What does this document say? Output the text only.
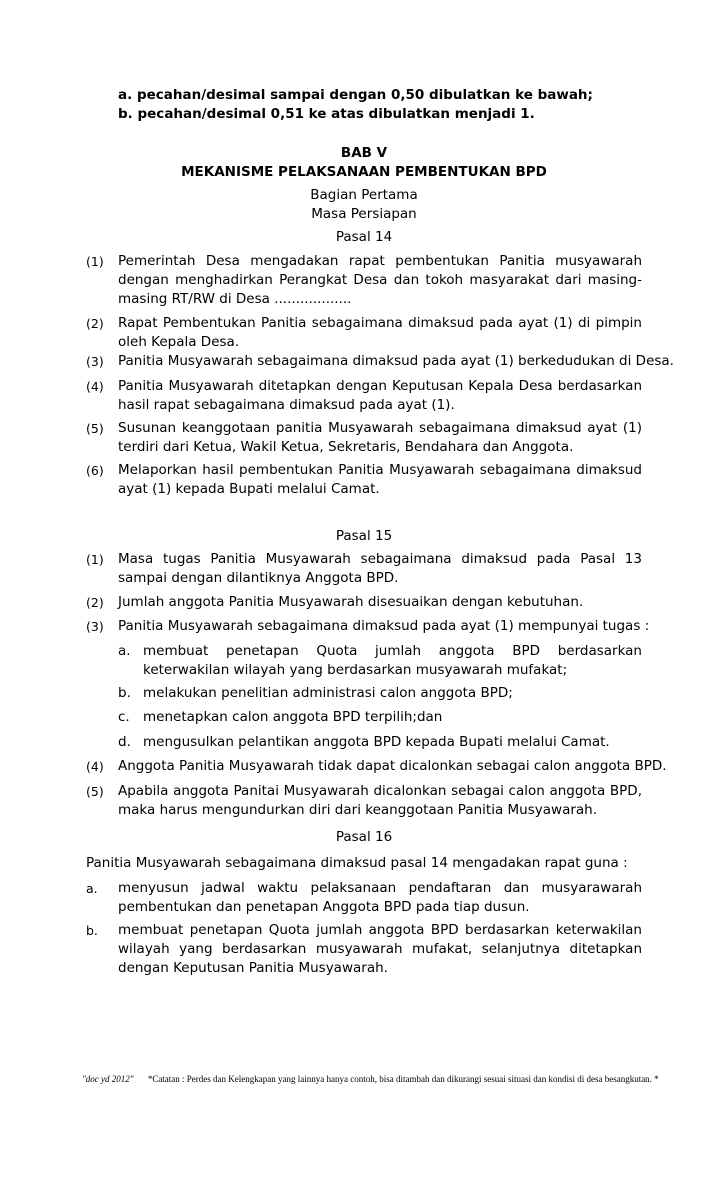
a. pecahan/desimal sampai dengan 0,50 dibulatkan ke bawah;
b. pecahan/desimal 0,51 ke atas dibulatkan menjadi 1.
BAB V
MEKANISME PELAKSANAAN PEMBENTUKAN BPD
Bagian Pertama
Masa Persiapan
Pasal 14
(1)	Pemerintah Desa mengadakan rapat pembentukan Panitia musyawarah dengan menghadirkan Perangkat Desa dan tokoh masyarakat dari masing-masing RT/RW di Desa ..................
(2)	Rapat Pembentukan Panitia sebagaimana dimaksud pada ayat (1) di pimpin oleh Kepala Desa.
(3)	Panitia Musyawarah sebagaimana dimaksud pada ayat (1) berkedudukan di Desa.
(4)	Panitia Musyawarah ditetapkan dengan Keputusan Kepala Desa berdasarkan hasil rapat sebagaimana dimaksud pada ayat (1).
(5)	Susunan keanggotaan panitia Musyawarah sebagaimana dimaksud ayat (1) terdiri dari Ketua, Wakil Ketua, Sekretaris, Bendahara dan Anggota.
(6)	Melaporkan hasil pembentukan Panitia Musyawarah sebagaimana dimaksud ayat (1) kepada Bupati melalui Camat.
Pasal 15
(1)	Masa tugas Panitia Musyawarah sebagaimana dimaksud pada Pasal 13 sampai dengan dilantiknya Anggota BPD.
(2)	Jumlah anggota Panitia Musyawarah disesuaikan dengan kebutuhan.
(3)	Panitia Musyawarah sebagaimana dimaksud pada ayat (1) mempunyai tugas :
a. membuat penetapan Quota jumlah anggota BPD berdasarkan keterwakilan wilayah yang berdasarkan musyawarah mufakat;
b. melakukan penelitian administrasi calon anggota BPD;
c. menetapkan calon anggota BPD terpilih;dan
d. mengusulkan pelantikan anggota BPD kepada Bupati melalui Camat.
(4)	Anggota Panitia Musyawarah tidak dapat dicalonkan sebagai calon anggota BPD.
(5)	Apabila anggota Panitai Musyawarah dicalonkan sebagai calon anggota BPD, maka harus mengundurkan diri dari keanggotaan Panitia Musyawarah.
Pasal 16
Panitia Musyawarah sebagaimana dimaksud pasal 14 mengadakan rapat guna :
a.	menyusun jadwal waktu pelaksanaan pendaftaran dan musyarawarah pembentukan dan penetapan Anggota BPD pada tiap dusun.
b.	membuat penetapan Quota jumlah anggota BPD berdasarkan keterwakilan wilayah yang berdasarkan musyawarah mufakat, selanjutnya ditetapkan dengan Keputusan Panitia Musyawarah.
"doc yd 2012" *Catatan : Perdes dan Kelengkapan yang lainnya hanya contoh, bisa ditambah dan dikurangi sesuai situasi dan kondisi di desa besangkutan. *
